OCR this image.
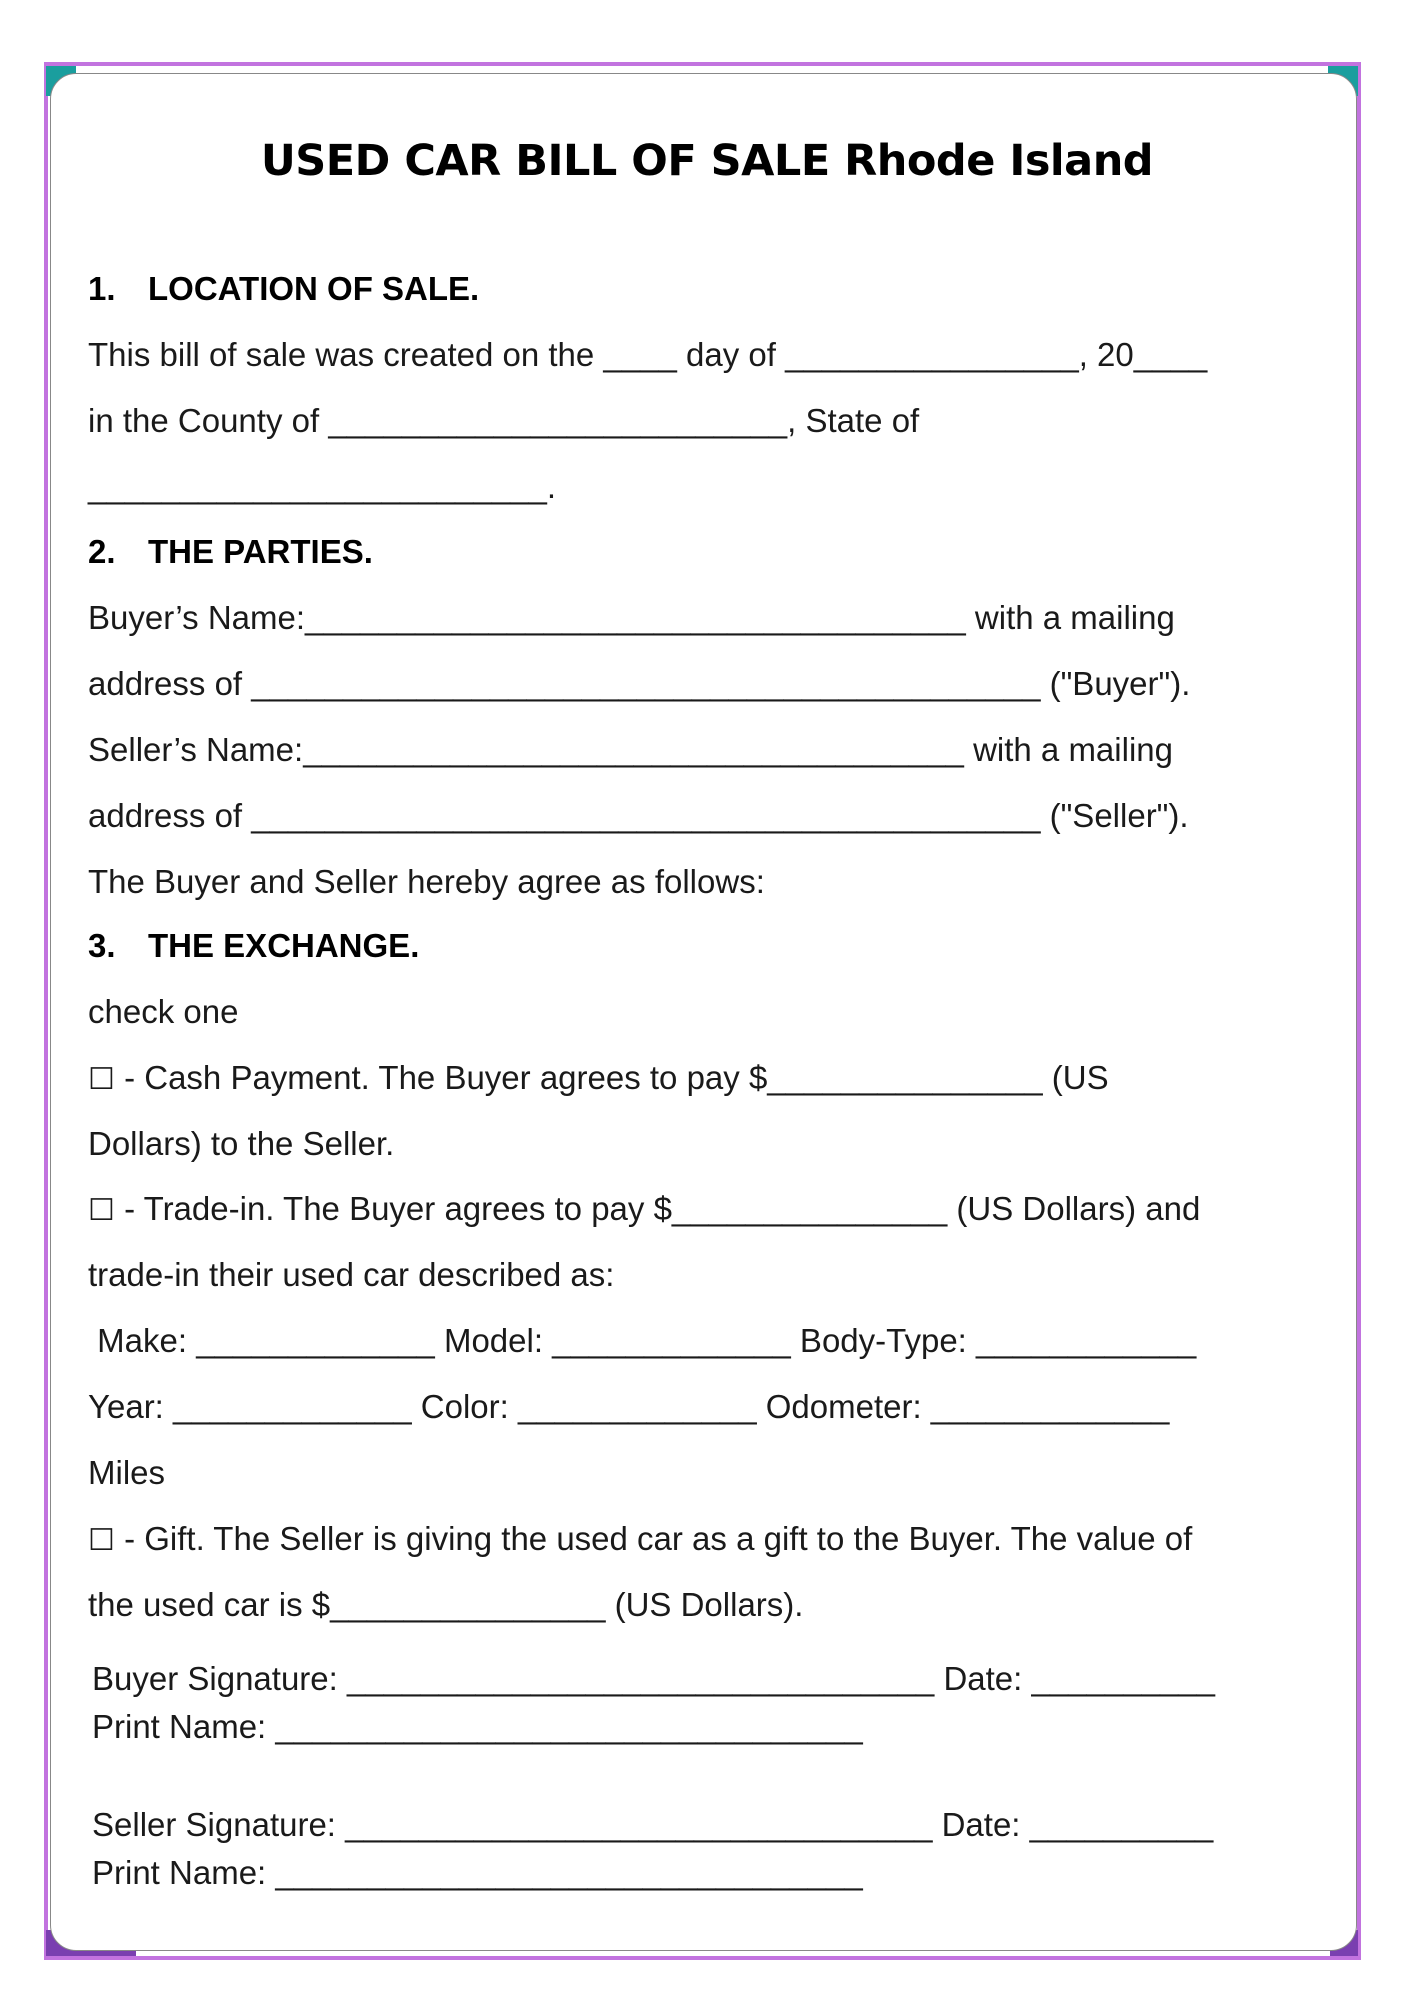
USED CAR BILL OF SALE Rhode Island
1. LOCATION OF SALE.
This bill of sale was created on the ____ day of ________________, 20____
in the County of _________________________, State of
_________________________.
2. THE PARTIES.
Buyer’s Name:____________________________________ with a mailing
address of ___________________________________________ ("Buyer").
Seller’s Name:____________________________________ with a mailing
address of ___________________________________________ ("Seller").
The Buyer and Seller hereby agree as follows:
3. THE EXCHANGE.
check one
☐ - Cash Payment. The Buyer agrees to pay $_______________ (US
Dollars) to the Seller.
☐ - Trade-in. The Buyer agrees to pay $_______________ (US Dollars) and
trade-in their used car described as:
Make: _____________ Model: _____________ Body-Type: ____________
Year: _____________ Color: _____________ Odometer: _____________
Miles
☐ - Gift. The Seller is giving the used car as a gift to the Buyer. The value of
the used car is $_______________ (US Dollars).
Buyer Signature: ________________________________ Date: __________
Print Name: ________________________________
Seller Signature: ________________________________ Date: __________
Print Name: ________________________________
